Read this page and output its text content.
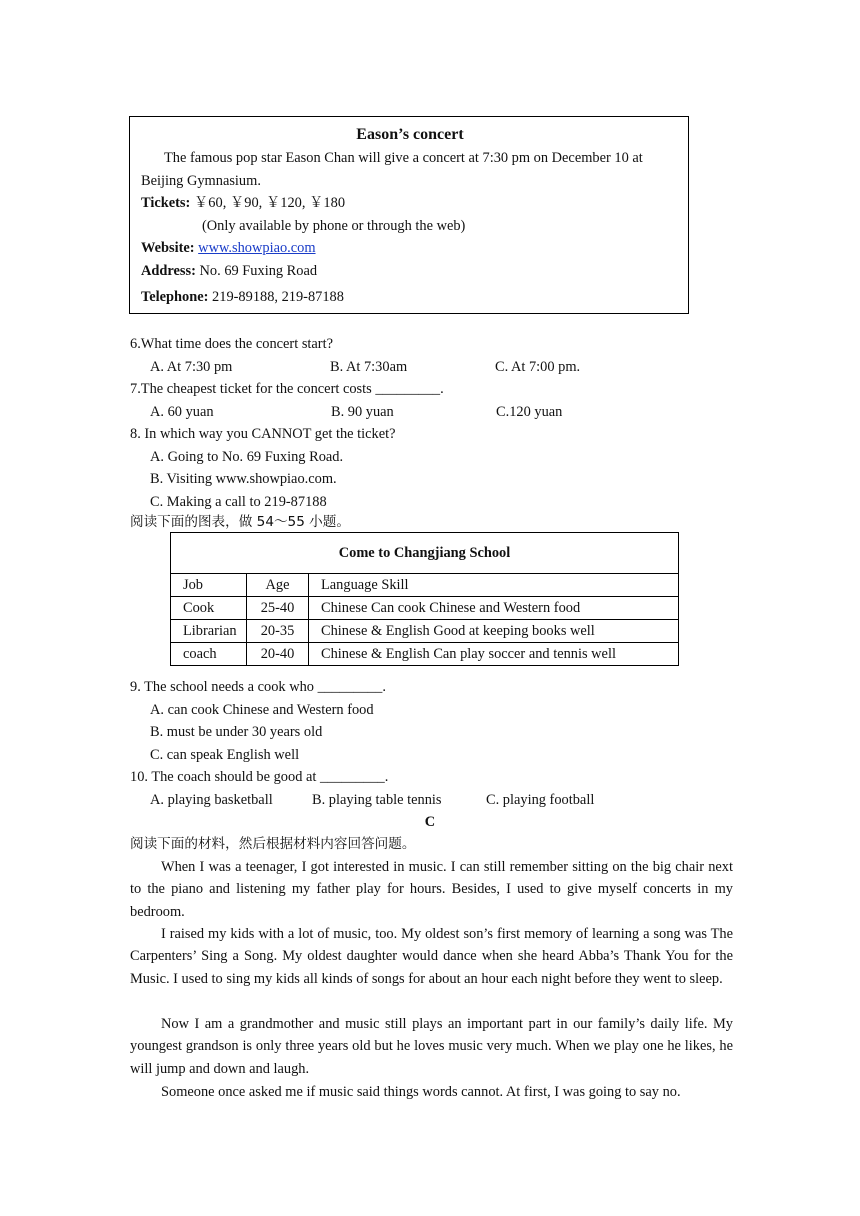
Eason’s concert
The famous pop star Eason Chan will give a concert at 7:30 pm on December 10 at
Beijing Gymnasium.
Tickets: ￥60, ￥90, ￥120, ￥180
(Only available by phone or through the web)
Website: www.showpiao.com
Address: No. 69 Fuxing Road
Telephone: 219-89188, 219-87188
6.What time does the concert start?
A. At 7:30 pm	B. At 7:30am	C. At 7:00 pm.
7.The cheapest ticket for the concert costs _________.
A. 60 yuan	B. 90 yuan	C.120 yuan
8. In which way you CANNOT get the ticket?
A. Going to No. 69 Fuxing Road.
B. Visiting www.showpiao.com.
C. Making a call to 219-87188
阅读下面的图表，做 54～55 小题。
Come to Changjiang School		
Job	Age	Language Skill
Cook	25-40	Chinese Can cook Chinese and Western food
Librarian	20-35	Chinese & English Good at keeping books well
coach	20-40	Chinese & English Can play soccer and tennis well
9. The school needs a cook who _________.
A. can cook Chinese and Western food
B. must be under 30 years old
C. can speak English well
10. The coach should be good at _________.
A. playing basketball	B. playing table tennis	C. playing football
C
阅读下面的材料，然后根据材料内容回答问题。
When I was a teenager, I got interested in music. I can still remember sitting on the big chair next to the piano and listening my father play for hours. Besides, I used to give myself concerts in my bedroom.
I raised my kids with a lot of music, too. My oldest son’s first memory of learning a song was The Carpenters’ Sing a Song. My oldest daughter would dance when she heard Abba’s Thank You for the Music. I used to sing my kids all kinds of songs for about an hour each night before they went to sleep.
Now I am a grandmother and music still plays an important part in our family’s daily life. My youngest grandson is only three years old but he loves music very much. When we play one he likes, he will jump and down and laugh.
Someone once asked me if music said things words cannot. At first, I was going to say no.
